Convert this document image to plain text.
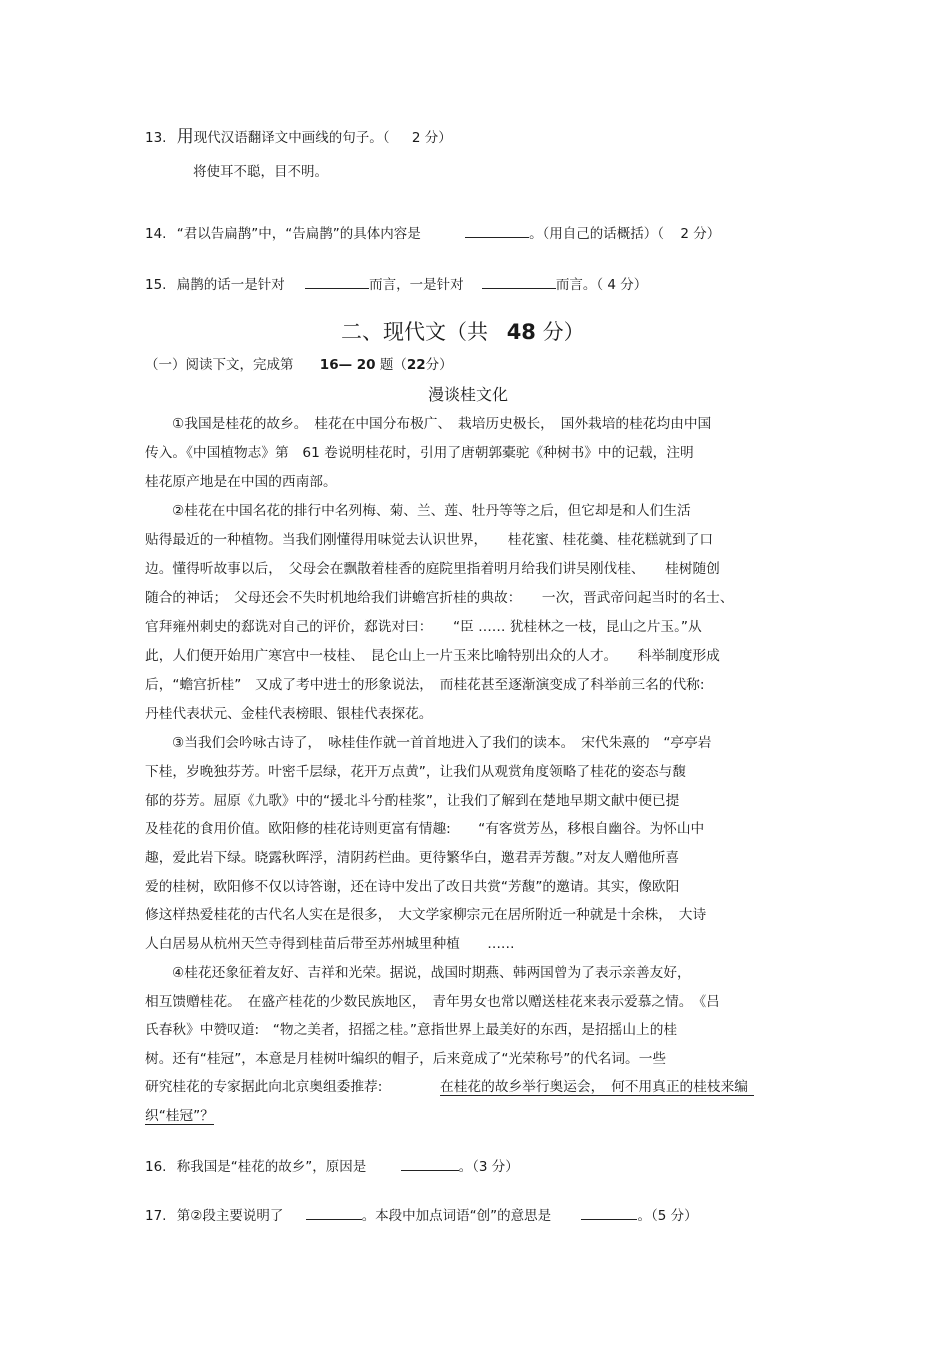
13. 用现代汉语翻译文中画线的句子。（ 2 分）
将使耳不聪，目不明。
14. “君以告扁鹊”中，“告扁鹊”的具体内容是	。（用自己的话概括）（ 2 分）
15. 扁鹊的话一是针对	而言，一是针对	而言。（ 4 分）
二、现代文（共 48 分）
（一）阅读下文，完成第 16— 20 题（22分）
漫谈桂文化
①我国是桂花的故乡。　桂花在中国分布极广、　栽培历史极长，　国外栽培的桂花均由中国
传入。《中国植物志》第　61 卷说明桂花时，引用了唐朝郭橐驼《种树书》中的记载，注明
桂花原产地是在中国的西南部。
②桂花在中国名花的排行中名列梅、菊、兰、莲、牡丹等等之后，但它却是和人们生活
贴得最近的一种植物。当我们刚懂得用味觉去认识世界，　　桂花蜜、桂花羹、桂花糕就到了口
边。懂得听故事以后，　父母会在飘散着桂香的庭院里指着明月给我们讲吴刚伐桂、　　桂树随创
随合的神话；　父母还会不失时机地给我们讲蟾宫折桂的典故：　　一次，晋武帝问起当时的名士、
官拜雍州刺史的郄诜对自己的评价，郄诜对曰：　　“臣 …… 犹桂林之一枝，昆山之片玉。”从
此，人们便开始用广寒宫中一枝桂、　昆仑山上一片玉来比喻特别出众的人才。　　科举制度形成
后，“蟾宫折桂”　又成了考中进士的形象说法，　而桂花甚至逐渐演变成了科举前三名的代称:
丹桂代表状元、金桂代表榜眼、银桂代表探花。
③当我们会吟咏古诗了，　咏桂佳作就一首首地进入了我们的读本。　宋代朱熹的　“亭亭岩
下桂，岁晚独芬芳。叶密千层绿，花开万点黄”，让我们从观赏角度领略了桂花的姿态与馥
郁的芬芳。屈原《九歌》中的“援北斗兮酌桂浆”，让我们了解到在楚地早期文献中便已提
及桂花的食用价值。欧阳修的桂花诗则更富有情趣:　　“有客赏芳丛，移根自幽谷。为怀山中
趣，爱此岩下绿。晓露秋晖浮，清阴药栏曲。更待繁华白，邀君弄芳馥。”对友人赠他所喜
爱的桂树，欧阳修不仅以诗答谢，还在诗中发出了改日共赏“芳馥”的邀请。其实，像欧阳
修这样热爱桂花的古代名人实在是很多，　大文学家柳宗元在居所附近一种就是十余株，　大诗
人白居易从杭州天竺寺得到桂苗后带至苏州城里种植　　……
④桂花还象征着友好、吉祥和光荣。据说，战国时期燕、韩两国曾为了表示亲善友好，
相互馈赠桂花。　在盛产桂花的少数民族地区，　青年男女也常以赠送桂花来表示爱慕之情。　《吕
氏春秋》中赞叹道:　“物之美者，招摇之桂。”意指世界上最美好的东西，是招摇山上的桂
树。还有“桂冠”，本意是月桂树叶编织的帽子，后来竟成了“光荣称号”的代名词。一些
研究桂花的专家据此向北京奥组委推荐:	在桂花的故乡举行奥运会，　何不用真正的桂枝来编
织“桂冠”？
16. 称我国是“桂花的故乡”，原因是	。（3 分）
17. 第②段主要说明了	。本段中加点词语“创”的意思是	。（5 分）
